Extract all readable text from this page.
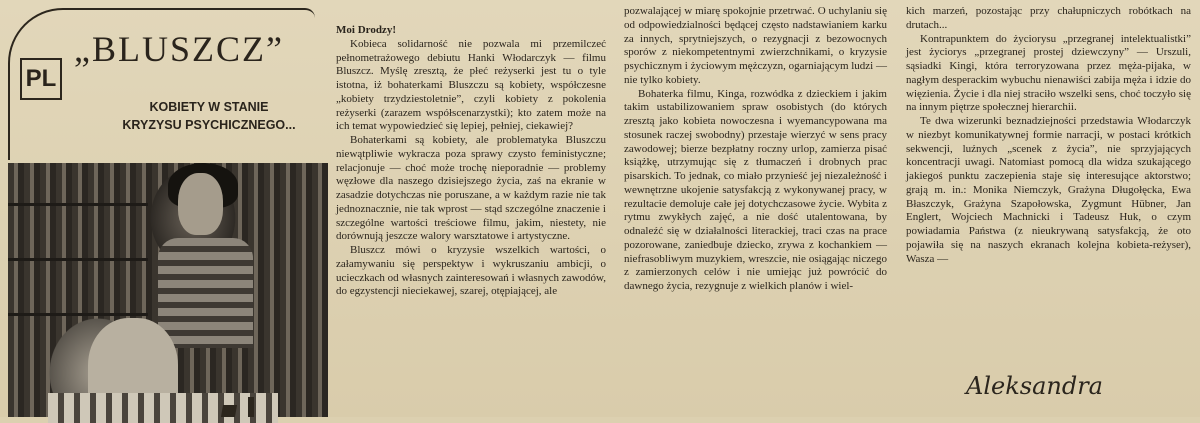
PL
„BLUSZCZ”
KOBIETY W STANIE
KRYZYSU PSYCHICZNEGO...

Moi Drodzy!

Kobieca solidarność nie pozwala mi przemilczeć pełnometrażowego debiutu Hanki Włodarczyk — filmu Bluszcz. Myślę zresztą, że płeć reżyserki jest tu o tyle istotna, iż bohaterkami Bluszczu są kobiety, współczesne „kobiety trzydziestoletnie”, czyli kobiety z pokolenia reżyserki (zarazem współscenarzystki); kto zatem może na ich temat wypowiedzieć się lepiej, pełniej, ciekawiej?

Bohaterkami są kobiety, ale problematyka Bluszczu niewątpliwie wykracza poza sprawy czysto feministyczne; relacjonuje — choć może trochę nieporadnie — problemy węzłowe dla naszego dzisiejszego życia, zaś na ekranie w zasadzie dotychczas nie poruszane, a w każdym razie nie tak jednoznacznie, nie tak wprost — stąd szczególne znaczenie i szczególne wartości treściowe filmu, jakim, niestety, nie dorównują jeszcze walory warsztatowe i artystyczne.

Bluszcz mówi o kryzysie wszelkich wartości, o załamywaniu się perspektyw i wykruszaniu ambicji, o ucieczkach od własnych zainteresowań i własnych zawodów, do egzystencji nieciekawej, szarej, otępiającej, ale

pozwalającej w miarę spokojnie przetrwać. O uchylaniu się od odpowiedzialności będącej często nadstawianiem karku za innych, sprytniejszych, o rezygnacji z bezowocnych sporów z niekompetentnymi zwierzchnikami, o kryzysie psychicznym i życiowym mężczyzn, ogarniającym ludzi — nie tylko kobiety.

Bohaterka filmu, Kinga, rozwódka z dzieckiem i jakim takim ustabilizowaniem spraw osobistych (do których zresztą jako kobieta nowoczesna i wyemancypowana ma stosunek raczej swobodny) przestaje wierzyć w sens pracy zawodowej; bierze bezpłatny roczny urlop, zamierza pisać książkę, utrzymując się z tłumaczeń i drobnych prac pisarskich. To jednak, co miało przynieść jej niezależność i wewnętrzne ukojenie satysfakcją z wykonywanej pracy, w rezultacie demoluje całe jej dotychczasowe życie. Wybita z rytmu zwykłych zajęć, a nie dość utalentowana, by odnaleźć się w działalności literackiej, traci czas na prace pozorowane, zaniedbuje dziecko, zrywa z kochankiem — niefrasobliwym muzykiem, wreszcie, nie osiągając niczego z zamierzonych celów i nie umiejąc już powrócić do dawnego życia, rezygnuje z wielkich planów i wiel-

kich marzeń, pozostając przy chałupniczych robótkach na drutach...

Kontrapunktem do życiorysu „przegranej intelektualistki” jest życiorys „przegranej prostej dziewczyny” — Urszuli, sąsiadki Kingi, która terroryzowana przez męża-pijaka, w nagłym desperackim wybuchu nienawiści zabija męża i idzie do więzienia. Życie i dla niej straciło wszelki sens, choć toczyło się na innym piętrze społecznej hierarchii.

Te dwa wizerunki beznadziejności przedstawia Włodarczyk w niezbyt komunikatywnej formie narracji, w postaci krótkich sekwencji, luźnych „scenek z życia”, nie sprzyjających koncentracji uwagi. Natomiast pomocą dla widza szukającego jakiegoś punktu zaczepienia staje się interesujące aktorstwo; grają m. in.: Monika Niemczyk, Grażyna Długołęcka, Ewa Błaszczyk, Grażyna Szapołowska, Zygmunt Hübner, Jan Englert, Wojciech Machnicki i Tadeusz Huk, o czym powiadamia Państwa (z nieukrywaną satysfakcją, że oto pojawiła się na naszych ekranach kolejna kobieta-reżyser), Wasza —

Aleksandra
